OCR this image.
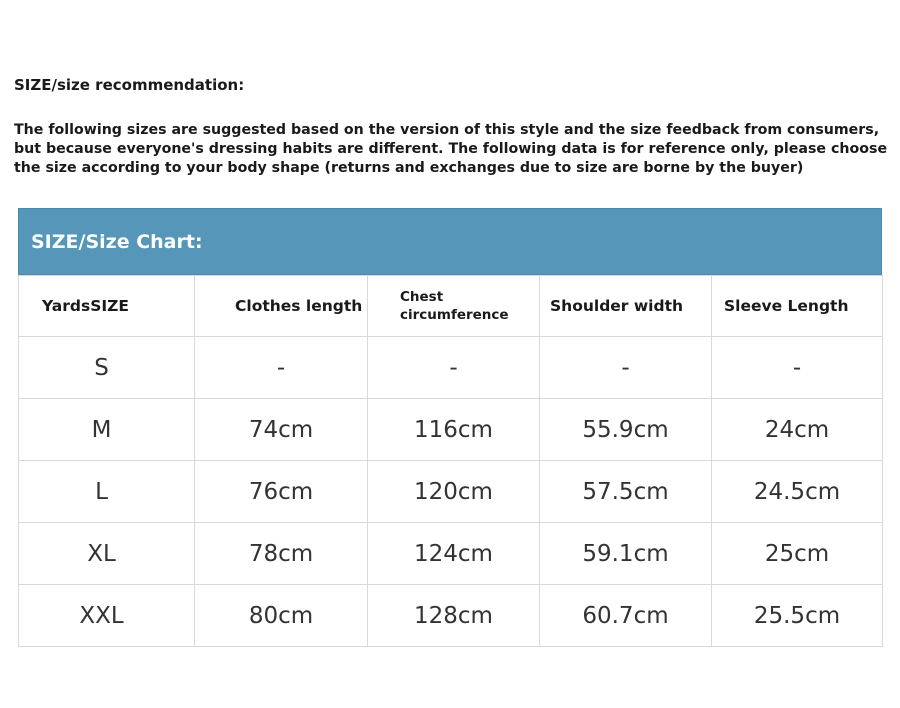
SIZE/size recommendation:
The following sizes are suggested based on the version of this style and the size feedback from consumers, but because everyone's dressing habits are different. The following data is for reference only, please choose the size according to your body shape (returns and exchanges due to size are borne by the buyer)
SIZE/Size Chart:
YardsSIZE	Clothes length	Chest circumference	Shoulder width	Sleeve Length
S	-	-	-	-
M	74cm	116cm	55.9cm	24cm
L	76cm	120cm	57.5cm	24.5cm
XL	78cm	124cm	59.1cm	25cm
XXL	80cm	128cm	60.7cm	25.5cm
